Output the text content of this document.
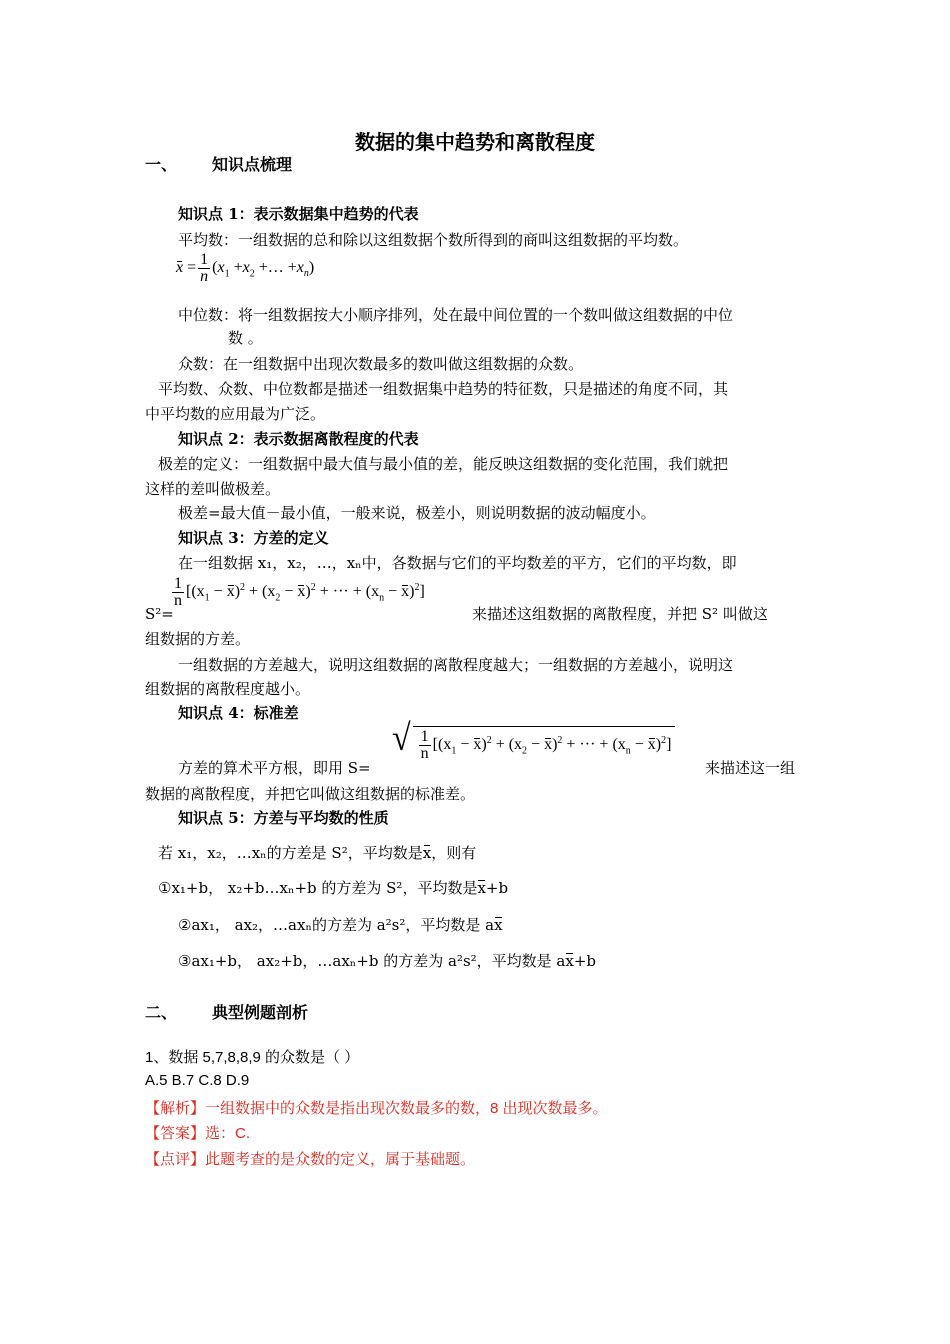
数据的集中趋势和离散程度
一、 知识点梳理
知识点 1：表示数据集中趋势的代表
平均数：一组数据的总和除以这组数据个数所得到的商叫这组数据的平均数。
$x = \frac{1}{n} (x_1 +x_2$ +… $+x_n$)
中位数：将一组数据按大小顺序排列，处在最中间位置的一个数叫做这组数据的中位
数 。
众数：在一组数据中出现次数最多的数叫做这组数据的众数。
平均数、众数、中位数都是描述一组数据集中趋势的特征数，只是描述的角度不同，其
中平均数的应用最为广泛。
知识点 2：表示数据离散程度的代表
极差的定义：一组数据中最大值与最小值的差，能反映这组数据的变化范围，我们就把
这样的差叫做极差。
极差=最大值－最小值，一般来说，极差小，则说明数据的波动幅度小。
知识点 3：方差的定义
在一组数据 x₁，x₂，…，xₙ中，各数据与它们的平均数差的平方，它们的平均数，即
S²=
$\frac{1}{n} [(x_1 - x)^2 + (x_2 - x)^2$ + ··· + $(x_n - x)^2$]
来描述这组数据的离散程度，并把 S² 叫做这
组数据的方差。
一组数据的方差越大，说明这组数据的离散程度越大；一组数据的方差越小，说明这
组数据的离散程度越小。
知识点 4：标准差
方差的算术平方根，即用 S=
√ $\frac{1}{n} [(x_1 - x)^2 + (x_2 - x)^2$ + ··· + $(x_n - x)^2$]
来描述这一组
数据的离散程度，并把它叫做这组数据的标准差。
知识点 5：方差与平均数的性质
若 x₁，x₂，…xₙ的方差是 S²，平均数是x，则有
①x₁+b， x₂+b…xₙ+b 的方差为 S²，平均数是x+b
②ax₁， ax₂，…axₙ的方差为 a²s²，平均数是 ax
③ax₁+b， ax₂+b，…axₙ+b 的方差为 a²s²，平均数是 ax+b
二、 典型例题剖析
1、数据 5,7,8,8,9 的众数是（ ）
A.5 B.7 C.8 D.9
【解析】一组数据中的众数是指出现次数最多的数，8 出现次数最多。
【答案】选：C.
【点评】此题考查的是众数的定义，属于基础题。
